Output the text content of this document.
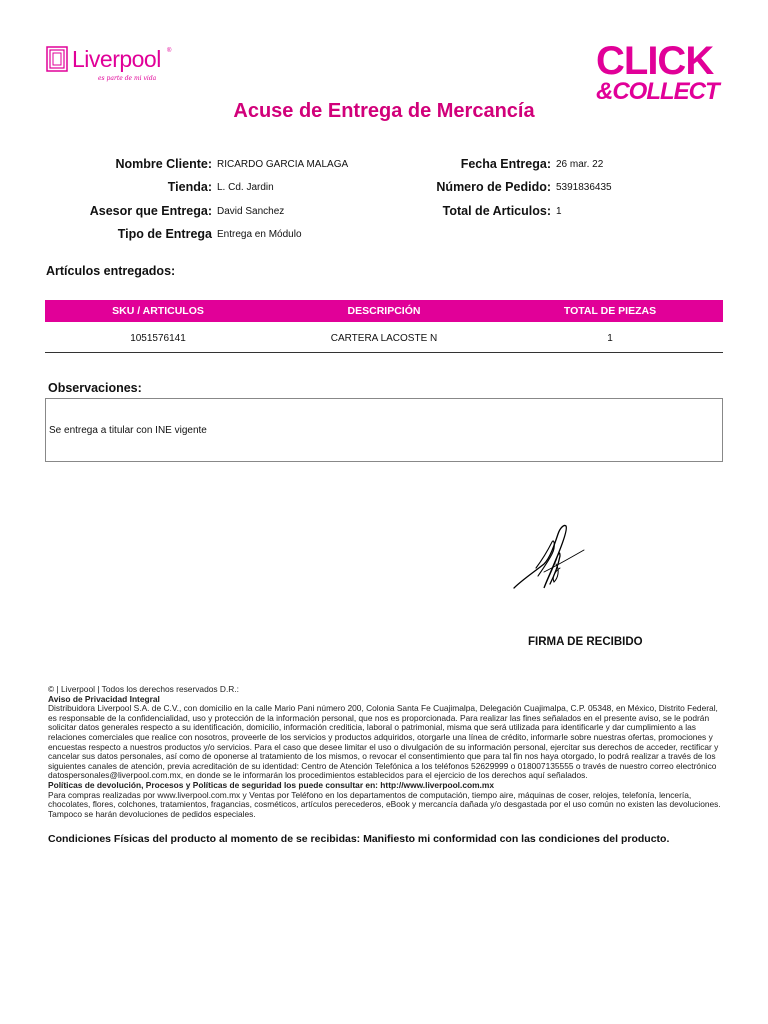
Liverpool ®
es parte de mi vida	CLICK
&COLLECT
Acuse de Entrega de Mercancía
Nombre Cliente: RICARDO GARCIA MALAGA
Tienda: L. Cd. Jardin
Asesor que Entrega: David Sanchez
Tipo de Entrega Entrega en Módulo
Fecha Entrega: 26 mar. 22
Número de Pedido: 5391836435
Total de Articulos: 1
Artículos entregados:
SKU / ARTICULOS	DESCRIPCIÓN	TOTAL DE PIEZAS
1051576141	CARTERA LACOSTE N	1
Observaciones:
Se entrega a titular con INE vigente
FIRMA DE RECIBIDO

© | Liverpool | Todos los derechos reservados D.R.:

Aviso de Privacidad Integral

Distribuidora Liverpool S.A. de C.V., con domicilio en la calle Mario Pani número 200, Colonia Santa Fe Cuajimalpa, Delegación Cuajimalpa, C.P. 05348, en México, Distrito Federal, es responsable de la confidencialidad, uso y protección de la información personal, que nos es proporcionada. Para realizar las fines señalados en el presente aviso, se le podrán solicitar datos generales respecto a su identificación, domicilio, información crediticia, laboral o patrimonial, misma que será utilizada para identificarle y dar cumplimiento a las relaciones comerciales que realice con nosotros, proveerle de los servicios y productos adquiridos, otorgarle una línea de crédito, informarle sobre nuestras ofertas, promociones y encuestas respecto a nuestros productos y/o servicios. Para el caso que desee limitar el uso o divulgación de su información personal, ejercitar sus derechos de acceder, rectificar y cancelar sus datos personales, así como de oponerse al tratamiento de los mismos, o revocar el consentimiento que para tal fin nos haya otorgado, lo podrá realizar a través de los siguientes canales de atención, previa acreditación de su identidad: Centro de Atención Telefónica a los teléfonos 52629999 o 018007135555 o través de nuestro correo electrónico datospersonales@liverpool.com.mx, en donde se le informarán los procedimientos establecidos para el ejercicio de los derechos aquí señalados.

Políticas de devolución, Procesos y Políticas de seguridad los puede consultar en: http://www.liverpool.com.mx

Para compras realizadas por www.liverpool.com.mx y Ventas por Teléfono en los departamentos de computación, tiempo aire, máquinas de coser, relojes, telefonía, lencería, chocolates, flores, colchones, tratamientos, fragancias, cosméticos, artículos perecederos, eBook y mercancía dañada y/o desgastada por el uso común no existen las devoluciones. Tampoco se harán devoluciones de pedidos especiales.

Condiciones Físicas del producto al momento de se recibidas: Manifiesto mi conformidad con las condiciones del producto.
